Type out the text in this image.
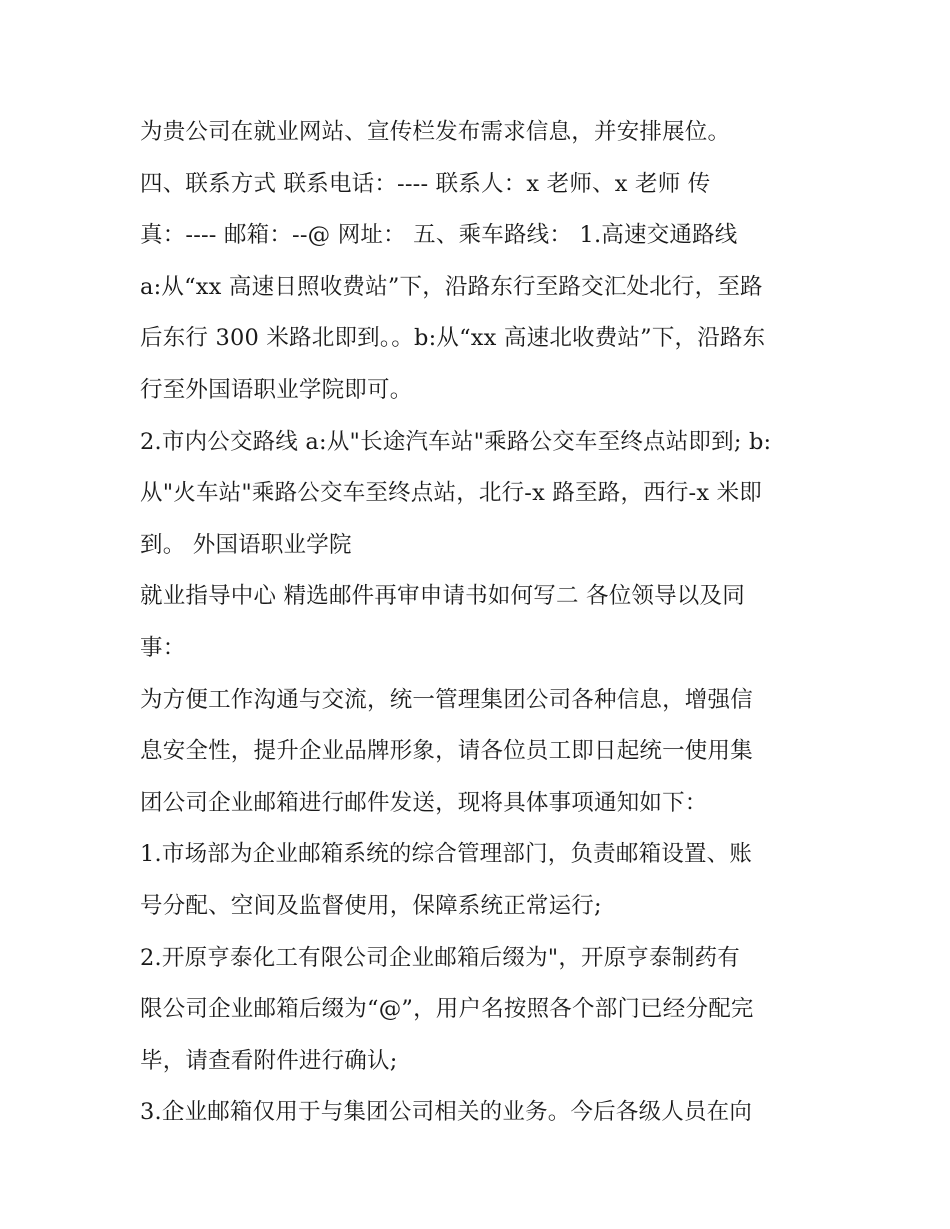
为贵公司在就业网站、宣传栏发布需求信息，并安排展位。

四、联系方式 联系电话：---- 联系人：x 老师、x 老师 传

真：---- 邮箱：--@ 网址： 五、乘车路线： 1.高速交通路线

a:从“xx 高速日照收费站”下，沿路东行至路交汇处北行，至路

后东行 300 米路北即到。。b:从“xx 高速北收费站”下，沿路东

行至外国语职业学院即可。

2.市内公交路线 a:从"长途汽车站"乘路公交车至终点站即到; b:

从"火车站"乘路公交车至终点站，北行-x 路至路，西行-x 米即

到。 外国语职业学院

就业指导中心 精选邮件再审申请书如何写二 各位领导以及同

事：

为方便工作沟通与交流，统一管理集团公司各种信息，增强信

息安全性，提升企业品牌形象，请各位员工即日起统一使用集

团公司企业邮箱进行邮件发送，现将具体事项通知如下：

1.市场部为企业邮箱系统的综合管理部门，负责邮箱设置、账

号分配、空间及监督使用，保障系统正常运行;

2.开原亨泰化工有限公司企业邮箱后缀为"，开原亨泰制药有

限公司企业邮箱后缀为“@”，用户名按照各个部门已经分配完

毕，请查看附件进行确认;

3.企业邮箱仅用于与集团公司相关的业务。今后各级人员在向
